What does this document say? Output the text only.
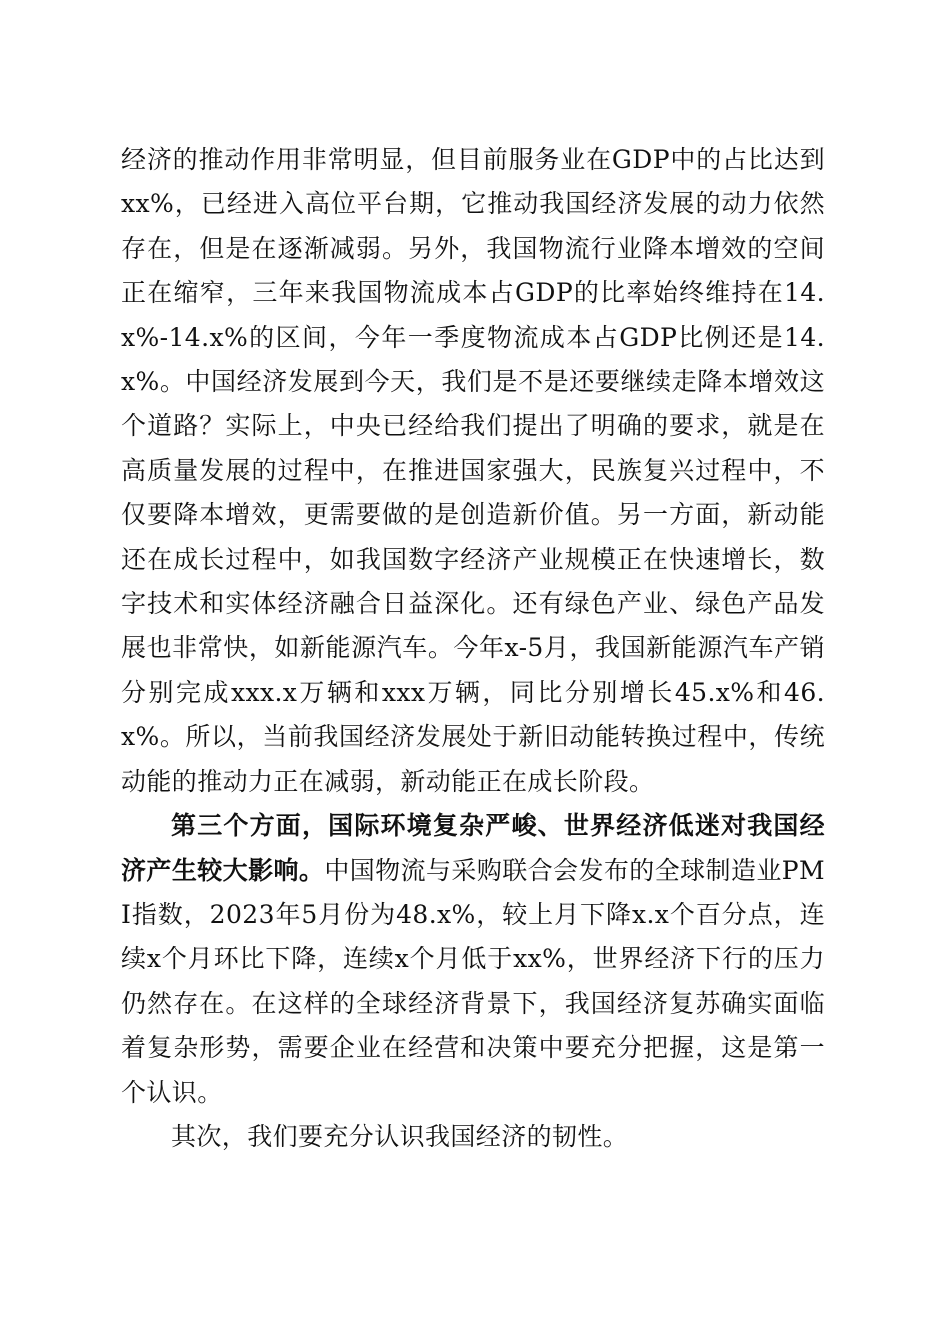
经济的推动作用非常明显，但目前服务业在GDP中的占比达到xx%，已经进入高位平台期，它推动我国经济发展的动力依然存在，但是在逐渐减弱。另外，我国物流行业降本增效的空间正在缩窄，三年来我国物流成本占GDP的比率始终维持在14.x%-14.x%的区间，今年一季度物流成本占GDP比例还是14.x%。中国经济发展到今天，我们是不是还要继续走降本增效这个道路？实际上，中央已经给我们提出了明确的要求，就是在高质量发展的过程中，在推进国家强大，民族复兴过程中，不仅要降本增效，更需要做的是创造新价值。另一方面，新动能还在成长过程中，如我国数字经济产业规模正在快速增长，数字技术和实体经济融合日益深化。还有绿色产业、绿色产品发展也非常快，如新能源汽车。今年x-5月，我国新能源汽车产销分别完成xxx.x万辆和xxx万辆，同比分别增长45.x%和46.x%。所以，当前我国经济发展处于新旧动能转换过程中，传统动能的推动力正在减弱，新动能正在成长阶段。

第三个方面，国际环境复杂严峻、世界经济低迷对我国经济产生较大影响。中国物流与采购联合会发布的全球制造业PMI指数，2023年5月份为48.x%，较上月下降x.x个百分点，连续x个月环比下降，连续x个月低于xx%，世界经济下行的压力仍然存在。在这样的全球经济背景下，我国经济复苏确实面临着复杂形势，需要企业在经营和决策中要充分把握，这是第一个认识。

其次，我们要充分认识我国经济的韧性。
